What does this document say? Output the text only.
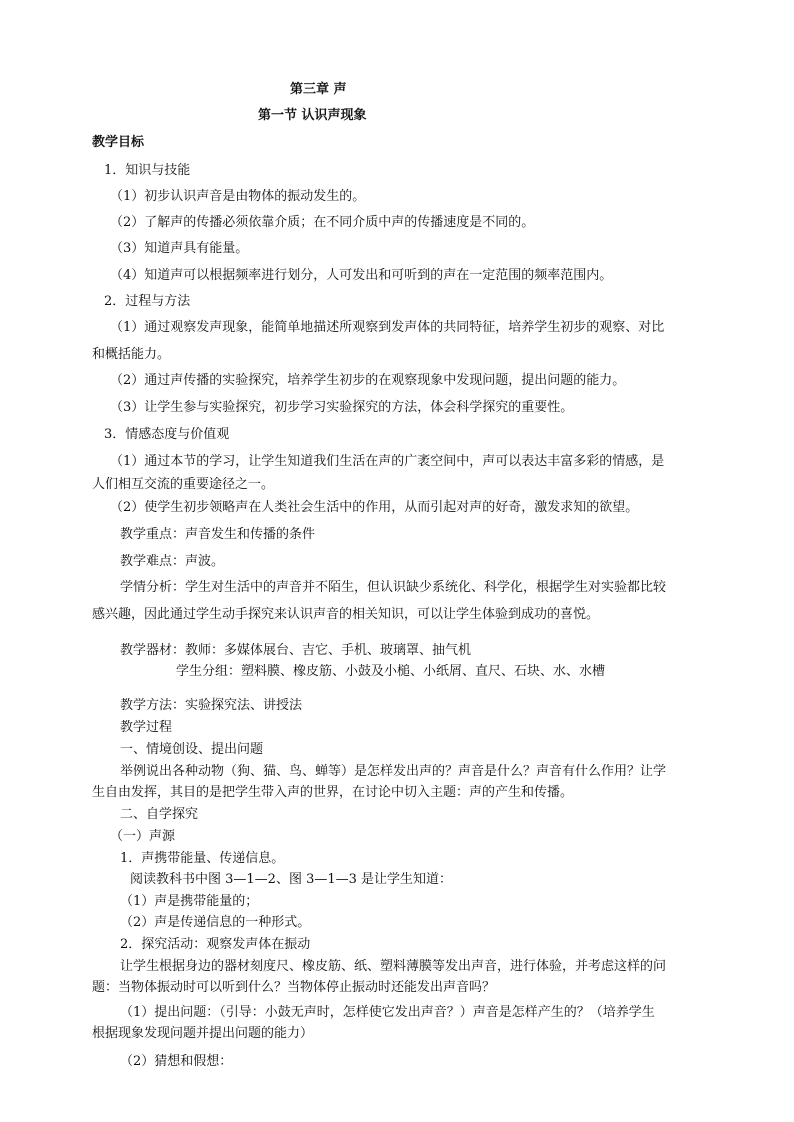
第三章 声
第一节 认识声现象
教学目标
1．知识与技能
（1）初步认识声音是由物体的振动发生的。
（2）了解声的传播必须依靠介质；在不同介质中声的传播速度是不同的。
（3）知道声具有能量。
（4）知道声可以根据频率进行划分，人可发出和可听到的声在一定范围的频率范围内。
2．过程与方法
（1）通过观察发声现象，能简单地描述所观察到发声体的共同特征，培养学生初步的观察、对比
和概括能力。
（2）通过声传播的实验探究，培养学生初步的在观察现象中发现问题，提出问题的能力。
（3）让学生参与实验探究，初步学习实验探究的方法，体会科学探究的重要性。
3．情感态度与价值观
（1）通过本节的学习，让学生知道我们生活在声的广袤空间中，声可以表达丰富多彩的情感，是
人们相互交流的重要途径之一。
（2）使学生初步领略声在人类社会生活中的作用，从而引起对声的好奇，激发求知的欲望。
教学重点：声音发生和传播的条件
教学难点：声波。
学情分析：学生对生活中的声音并不陌生，但认识缺少系统化、科学化，根据学生对实验都比较
感兴趣，因此通过学生动手探究来认识声音的相关知识，可以让学生体验到成功的喜悦。
教学器材：教师：多媒体展台、吉它、手机、玻璃罩、抽气机
学生分组：塑料膜、橡皮筋、小鼓及小槌、小纸屑、直尺、石块、水、水槽
教学方法：实验探究法、讲授法
教学过程
一、情境创设、提出问题
举例说出各种动物（狗、猫、鸟、蝉等）是怎样发出声的？声音是什么？声音有什么作用？让学
生自由发挥，其目的是把学生带入声的世界，在讨论中切入主题：声的产生和传播。
二、自学探究
（一）声源
1．声携带能量、传递信息。
阅读教科书中图 3—1—2、图 3—1—3 是让学生知道：
（1）声是携带能量的；
（2）声是传递信息的一种形式。
2．探究活动：观察发声体在振动
让学生根据身边的器材刻度尺、橡皮筋、纸、塑料薄膜等发出声音，进行体验，并考虑这样的问
题：当物体振动时可以听到什么？当物体停止振动时还能发出声音吗？
（1）提出问题：（引导：小鼓无声时，怎样使它发出声音？）声音是怎样产生的？（培养学生
根据现象发现问题并提出问题的能力）
（2）猜想和假想：
